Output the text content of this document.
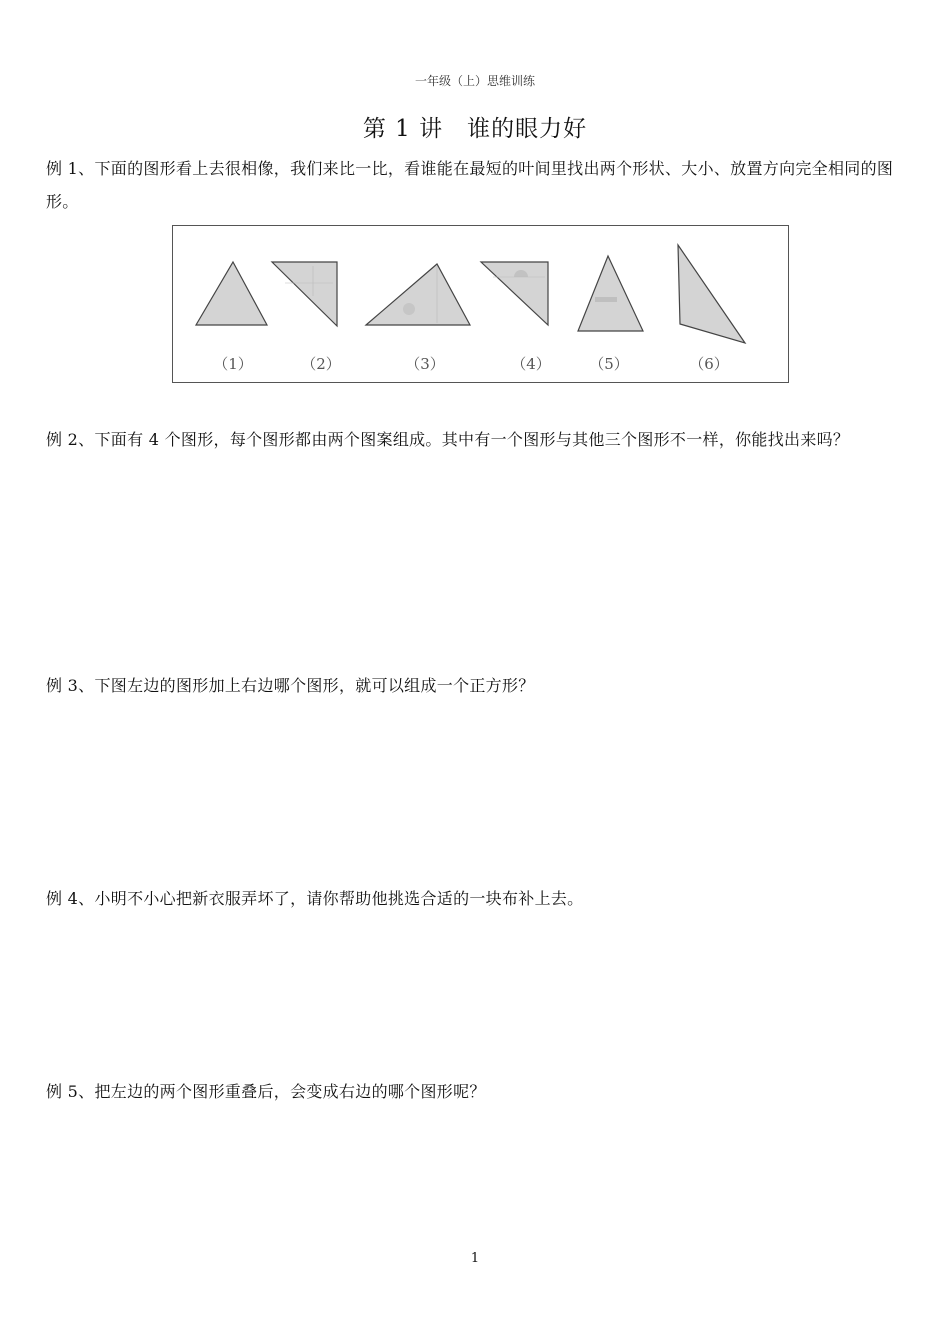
一年级（上）思维训练
第 1 讲　谁的眼力好
例 1、下面的图形看上去很相像，我们来比一比，看谁能在最短的叶间里找出两个形状、大小、放置方向完全相同的图形。
（1）	（2）	（3）	（4）	（5）	（6）
例 2、下面有 4 个图形，每个图形都由两个图案组成。其中有一个图形与其他三个图形不一样，你能找出来吗？
例 3、下图左边的图形加上右边哪个图形，就可以组成一个正方形？
例 4、小明不小心把新衣服弄坏了，请你帮助他挑选合适的一块布补上去。
例 5、把左边的两个图形重叠后，会变成右边的哪个图形呢？
1
